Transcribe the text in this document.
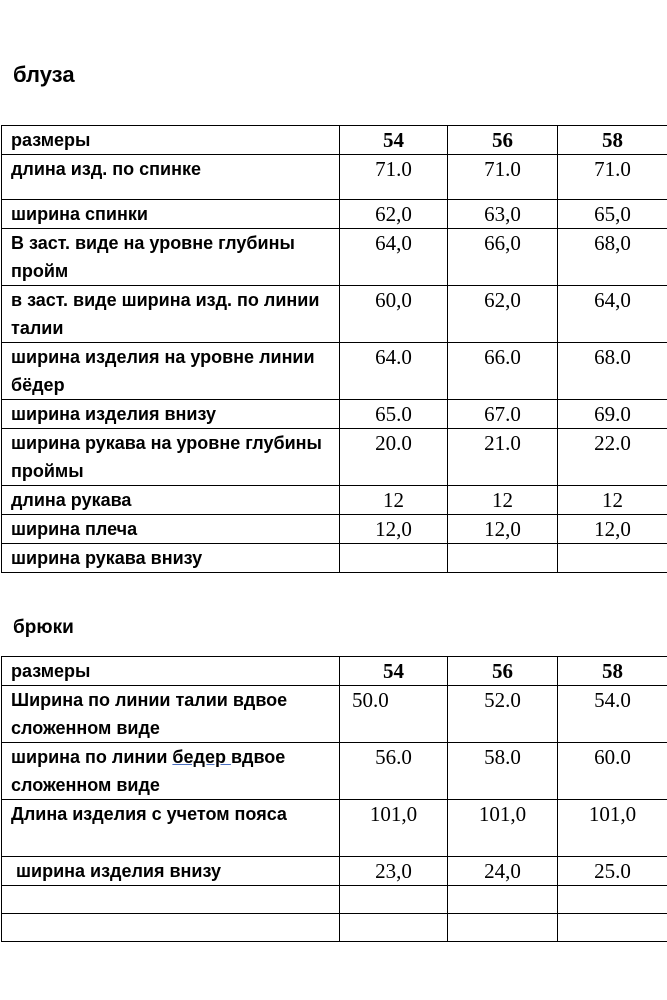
блуза
размеры	54	56	58
длина изд. по спинке	71.0	71.0	71.0
ширина спинки	62,0	63,0	65,0
В заст. виде на уровне глубины пройм	64,0	66,0	68,0
в заст. виде ширина изд. по линии талии	60,0	62,0	64,0
ширина изделия на уровне линии бёдер	64.0	66.0	68.0
ширина изделия внизу	65.0	67.0	69.0
ширина рукава на уровне глубины проймы	20.0	21.0	22.0
длина рукава	12	12	12
ширина плеча	12,0	12,0	12,0
ширина рукава внизу			
брюки
размеры	54	56	58
Ширина по линии талии вдвое сложенном виде	50.0	52.0	54.0
ширина по линии бедер вдвое сложенном виде	56.0	58.0	60.0
Длина изделия с учетом пояса	101,0	101,0	101,0
ширина изделия внизу	23,0	24,0	25.0
